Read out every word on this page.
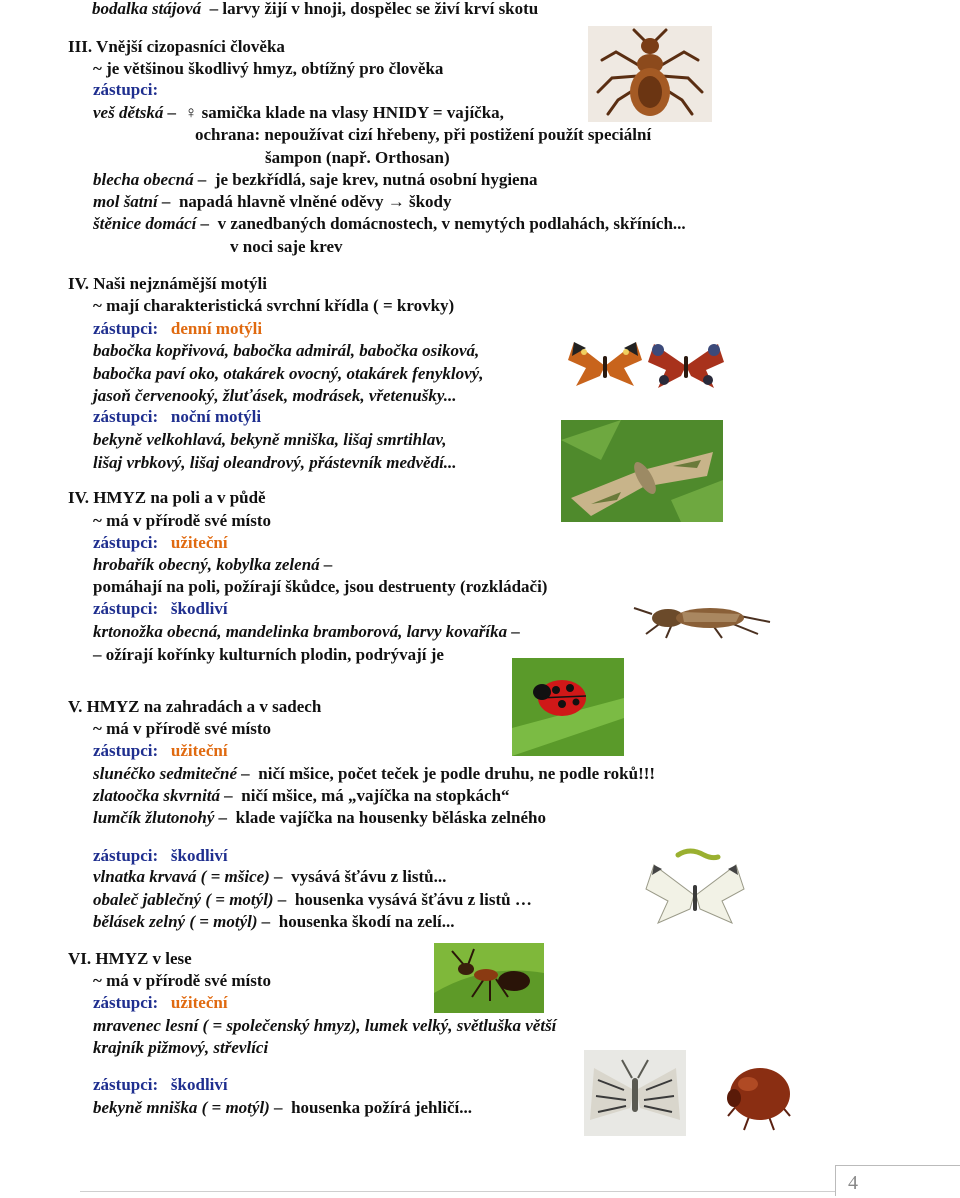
bodalka stájová – larvy žijí v hnoji, dospělec se živí krví skotu
III. Vnější cizopasníci člověka
~ je většinou škodlivý hmyz, obtížný pro člověka
zástupci:
veš dětská – ♀ samička klade na vlasy HNIDY = vajíčka,
ochrana: nepoužívat cizí hřebeny, při postižení použít speciální
šampon (např. Orthosan)
blecha obecná – je bezkřídlá, saje krev, nutná osobní hygiena
mol šatní – napadá hlavně vlněné oděvy → škody
štěnice domácí – v zanedbaných domácnostech, v nemytých podlahách, skříních...
v noci saje krev
IV. Naši nejznámější motýli
~ mají charakteristická svrchní křídla ( = krovky)
zástupci: denní motýli
babočka kopřivová, babočka admirál, babočka osiková,
babočka paví oko, otakárek ovocný, otakárek fenyklový,
jasoň červenooký, žluťásek, modrásek, vřetenušky...
zástupci: noční motýli
bekyně velkohlavá, bekyně mniška, lišaj smrtihlav,
lišaj vrbkový, lišaj oleandrový, přástevník medvědí...
IV. HMYZ na poli a v půdě
~ má v přírodě své místo
zástupci: užiteční
hrobařík obecný, kobylka zelená –
pomáhají na poli, požírají škůdce, jsou destruenty (rozkládači)
zástupci: škodliví
krtonožka obecná, mandelinka bramborová, larvy kovaříka –
– ožírají kořínky kulturních plodin, podrývají je
V. HMYZ na zahradách a v sadech
~ má v přírodě své místo
zástupci: užiteční
slunéčko sedmitečné – ničí mšice, počet teček je podle druhu, ne podle roků!!!
zlatoočka skvrnitá – ničí mšice, má „vajíčka na stopkách“
lumčík žlutonohý – klade vajíčka na housenky běláska zelného
zástupci: škodliví
vlnatka krvavá ( = mšice) – vysává šťávu z listů...
obaleč jablečný ( = motýl) – housenka vysává šťávu z listů …
bělásek zelný ( = motýl) – housenka škodí na zelí...
VI. HMYZ v lese
~ má v přírodě své místo
zástupci: užiteční
mravenec lesní ( = společenský hmyz), lumek velký, světluška větší
krajník pižmový, střevlíci
zástupci: škodliví
bekyně mniška ( = motýl) – housenka požírá jehličí...
4
